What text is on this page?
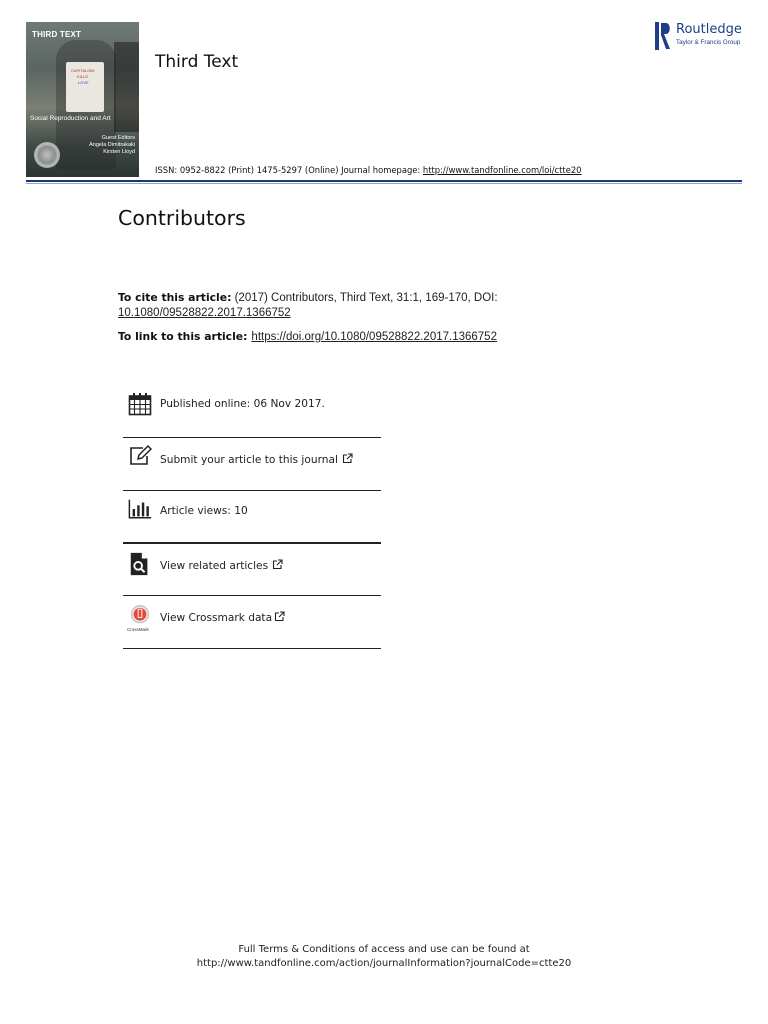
CAPITALISM
KILLS
LOVE
THIRD TEXT
Social Reproduction and Art
Guest Editors
Angela Dimitrakaki
Kirsten Lloyd
Third Text
ISSN: 0952-8822 (Print) 1475-5297 (Online) Journal homepage: http://www.tandfonline.com/loi/ctte20
Routledge
Taylor & Francis Group
Contributors
To cite this article: (2017) Contributors, Third Text, 31:1, 169-170, DOI:
10.1080/09528822.2017.1366752
To link to this article: https://doi.org/10.1080/09528822.2017.1366752
Published online: 06 Nov 2017.
Submit your article to this journal
Article views: 10
View related articles
CrossMark
View Crossmark data
Full Terms & Conditions of access and use can be found at
http://www.tandfonline.com/action/journalInformation?journalCode=ctte20
